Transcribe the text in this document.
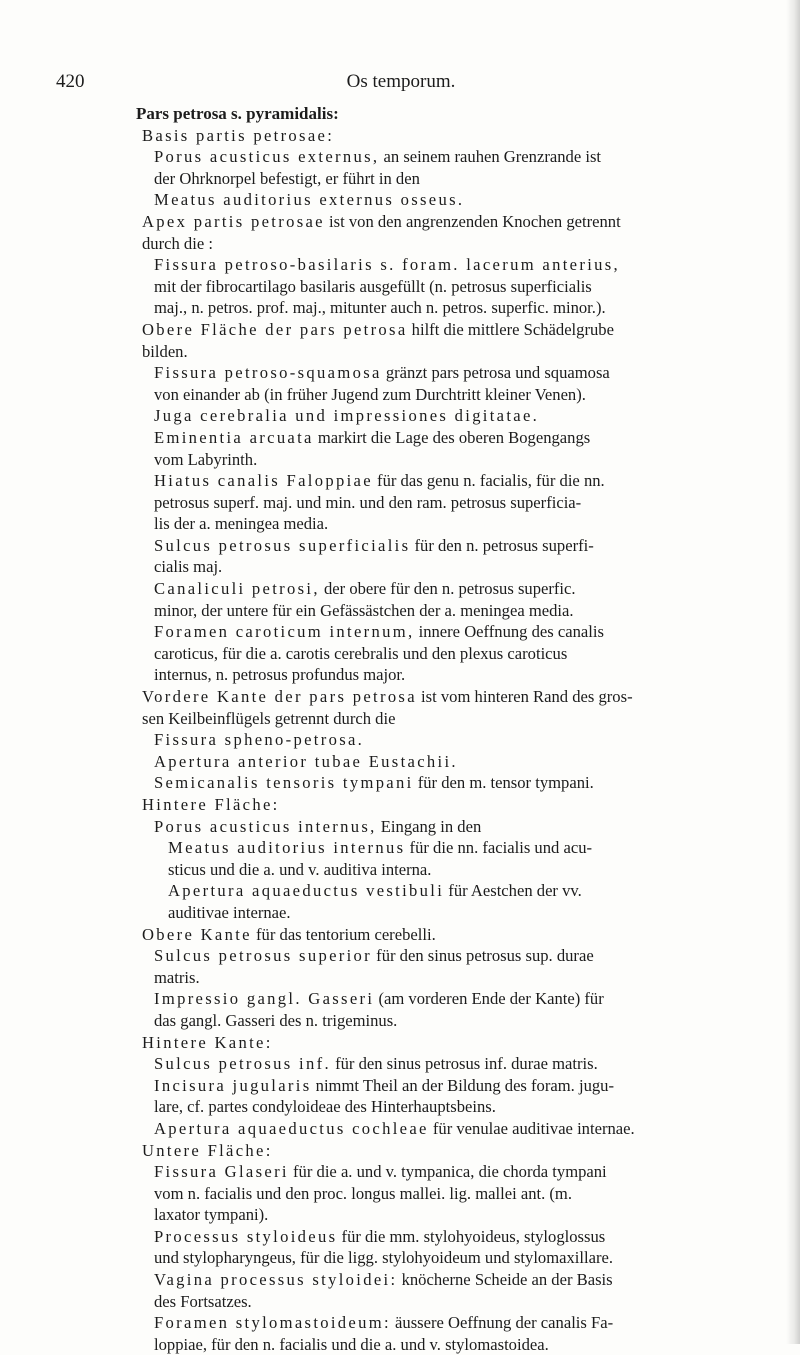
420	Os temporum.
Pars petrosa s. pyramidalis:
Basis partis petrosae:
Porus acusticus externus, an seinem rauhen Grenzrande ist
der Ohrknorpel befestigt, er führt in den
Meatus auditorius externus osseus.
Apex partis petrosae ist von den angrenzenden Knochen getrennt
durch die :
Fissura petroso-basilaris s. foram. lacerum anterius,
mit der fibrocartilago basilaris ausgefüllt (n. petrosus superficialis
maj., n. petros. prof. maj., mitunter auch n. petros. superfic. minor.).
Obere Fläche der pars petrosa hilft die mittlere Schädelgrube
bilden.
Fissura petroso-squamosa gränzt pars petrosa und squamosa
von einander ab (in früher Jugend zum Durchtritt kleiner Venen).
Juga cerebralia und impressiones digitatae.
Eminentia arcuata markirt die Lage des oberen Bogengangs
vom Labyrinth.
Hiatus canalis Faloppiae für das genu n. facialis, für die nn.
petrosus superf. maj. und min. und den ram. petrosus superficia-
lis der a. meningea media.
Sulcus petrosus superficialis für den n. petrosus superfi-
cialis maj.
Canaliculi petrosi, der obere für den n. petrosus superfic.
minor, der untere für ein Gefässästchen der a. meningea media.
Foramen caroticum internum, innere Oeffnung des canalis
caroticus, für die a. carotis cerebralis und den plexus caroticus
internus, n. petrosus profundus major.
Vordere Kante der pars petrosa ist vom hinteren Rand des gros-
sen Keilbeinflügels getrennt durch die
Fissura spheno-petrosa.
Apertura anterior tubae Eustachii.
Semicanalis tensoris tympani für den m. tensor tympani.
Hintere Fläche:
Porus acusticus internus, Eingang in den
Meatus auditorius internus für die nn. facialis und acu-
sticus und die a. und v. auditiva interna.
Apertura aquaeductus vestibuli für Aestchen der vv.
auditivae internae.
Obere Kante für das tentorium cerebelli.
Sulcus petrosus superior für den sinus petrosus sup. durae
matris.
Impressio gangl. Gasseri (am vorderen Ende der Kante) für
das gangl. Gasseri des n. trigeminus.
Hintere Kante:
Sulcus petrosus inf. für den sinus petrosus inf. durae matris.
Incisura jugularis nimmt Theil an der Bildung des foram. jugu-
lare, cf. partes condyloideae des Hinterhauptsbeins.
Apertura aquaeductus cochleae für venulae auditivae internae.
Untere Fläche:
Fissura Glaseri für die a. und v. tympanica, die chorda tympani
vom n. facialis und den proc. longus mallei. lig. mallei ant. (m.
laxator tympani).
Processus styloideus für die mm. stylohyoideus, styloglossus
und stylopharyngeus, für die ligg. stylohyoideum und stylomaxillare.
Vagina processus styloidei: knöcherne Scheide an der Basis
des Fortsatzes.
Foramen stylomastoideum: äussere Oeffnung der canalis Fa-
loppiae, für den n. facialis und die a. und v. stylomastoidea.
